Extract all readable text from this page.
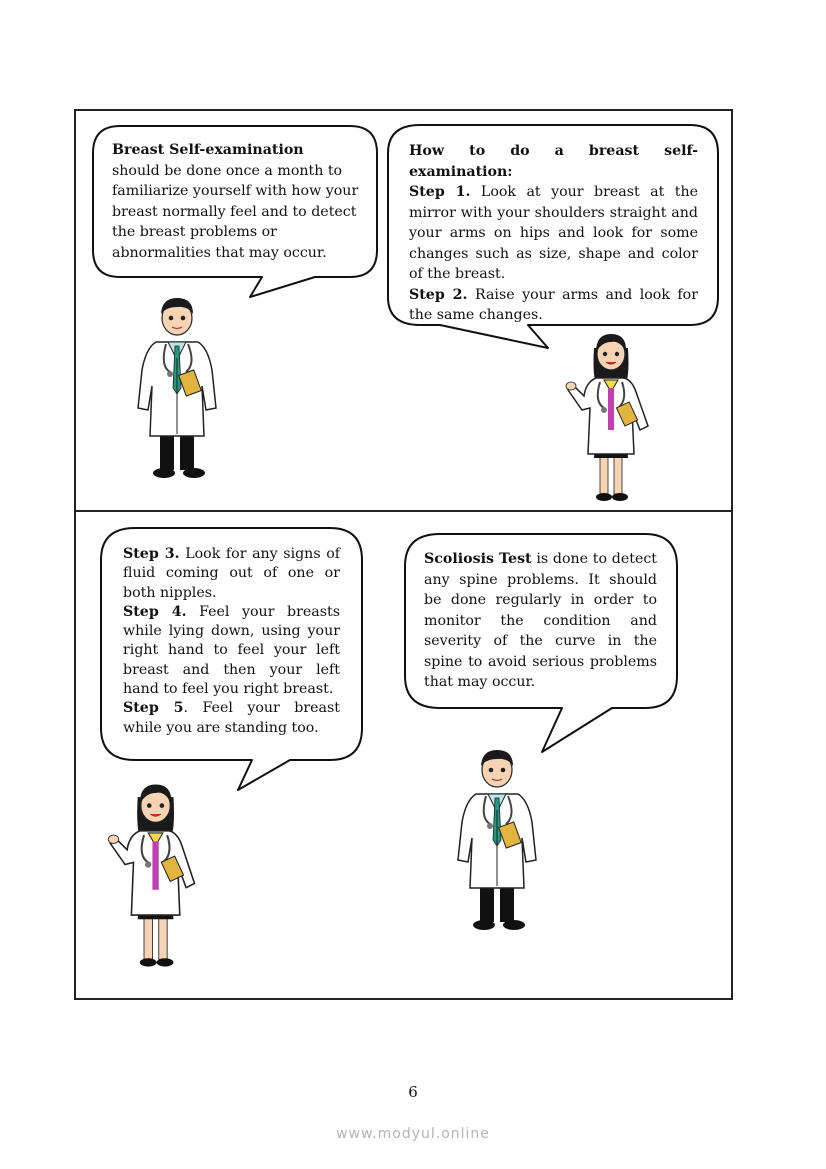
Breast Self-examination

should be done once a month to familiarize yourself with how your breast normally feel and to detect the breast problems or abnormalities that may occur.

How to do a breast self-examination:

Step 1. Look at your breast at the mirror with your shoulders straight and your arms on hips and look for some changes such as size, shape and color of the breast.

Step 2. Raise your arms and look for the same changes.

Step 3. Look for any signs of fluid coming out of one or both nipples.

Step 4. Feel your breasts while lying down, using your right hand to feel your left breast and then your left hand to feel you right breast.

Step 5. Feel your breast while you are standing too.

Scoliosis Test is done to detect any spine problems. It should be done regularly in order to monitor the condition and severity of the curve in the spine to avoid serious problems that may occur.

6
www.modyul.online
